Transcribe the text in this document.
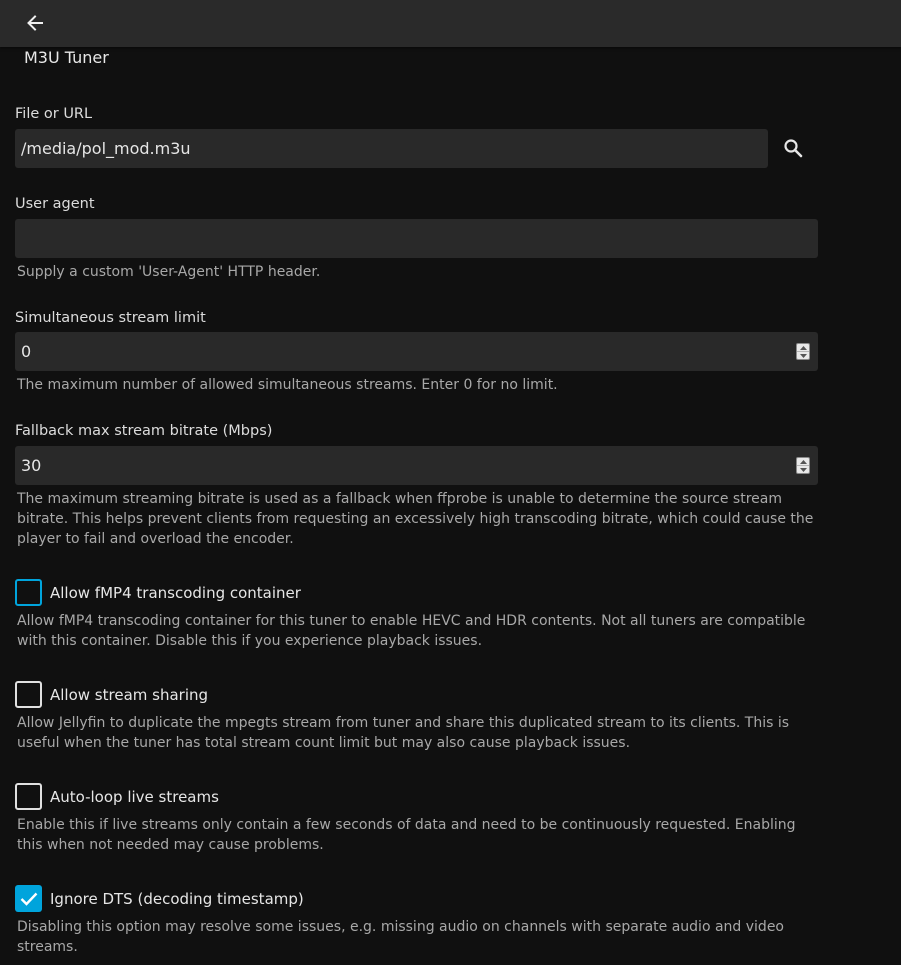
M3U Tuner
File or URL
/media/pol_mod.m3u
User agent
Supply a custom 'User-Agent' HTTP header.
Simultaneous stream limit
0
The maximum number of allowed simultaneous streams. Enter 0 for no limit.
Fallback max stream bitrate (Mbps)
30
The maximum streaming bitrate is used as a fallback when ffprobe is unable to determine the source stream bitrate. This helps prevent clients from requesting an excessively high transcoding bitrate, which could cause the player to fail and overload the encoder.
Allow fMP4 transcoding container
Allow fMP4 transcoding container for this tuner to enable HEVC and HDR contents. Not all tuners are compatible with this container. Disable this if you experience playback issues.
Allow stream sharing
Allow Jellyfin to duplicate the mpegts stream from tuner and share this duplicated stream to its clients. This is useful when the tuner has total stream count limit but may also cause playback issues.
Auto-loop live streams
Enable this if live streams only contain a few seconds of data and need to be continuously requested. Enabling this when not needed may cause problems.
Ignore DTS (decoding timestamp)
Disabling this option may resolve some issues, e.g. missing audio on channels with separate audio and video streams.
